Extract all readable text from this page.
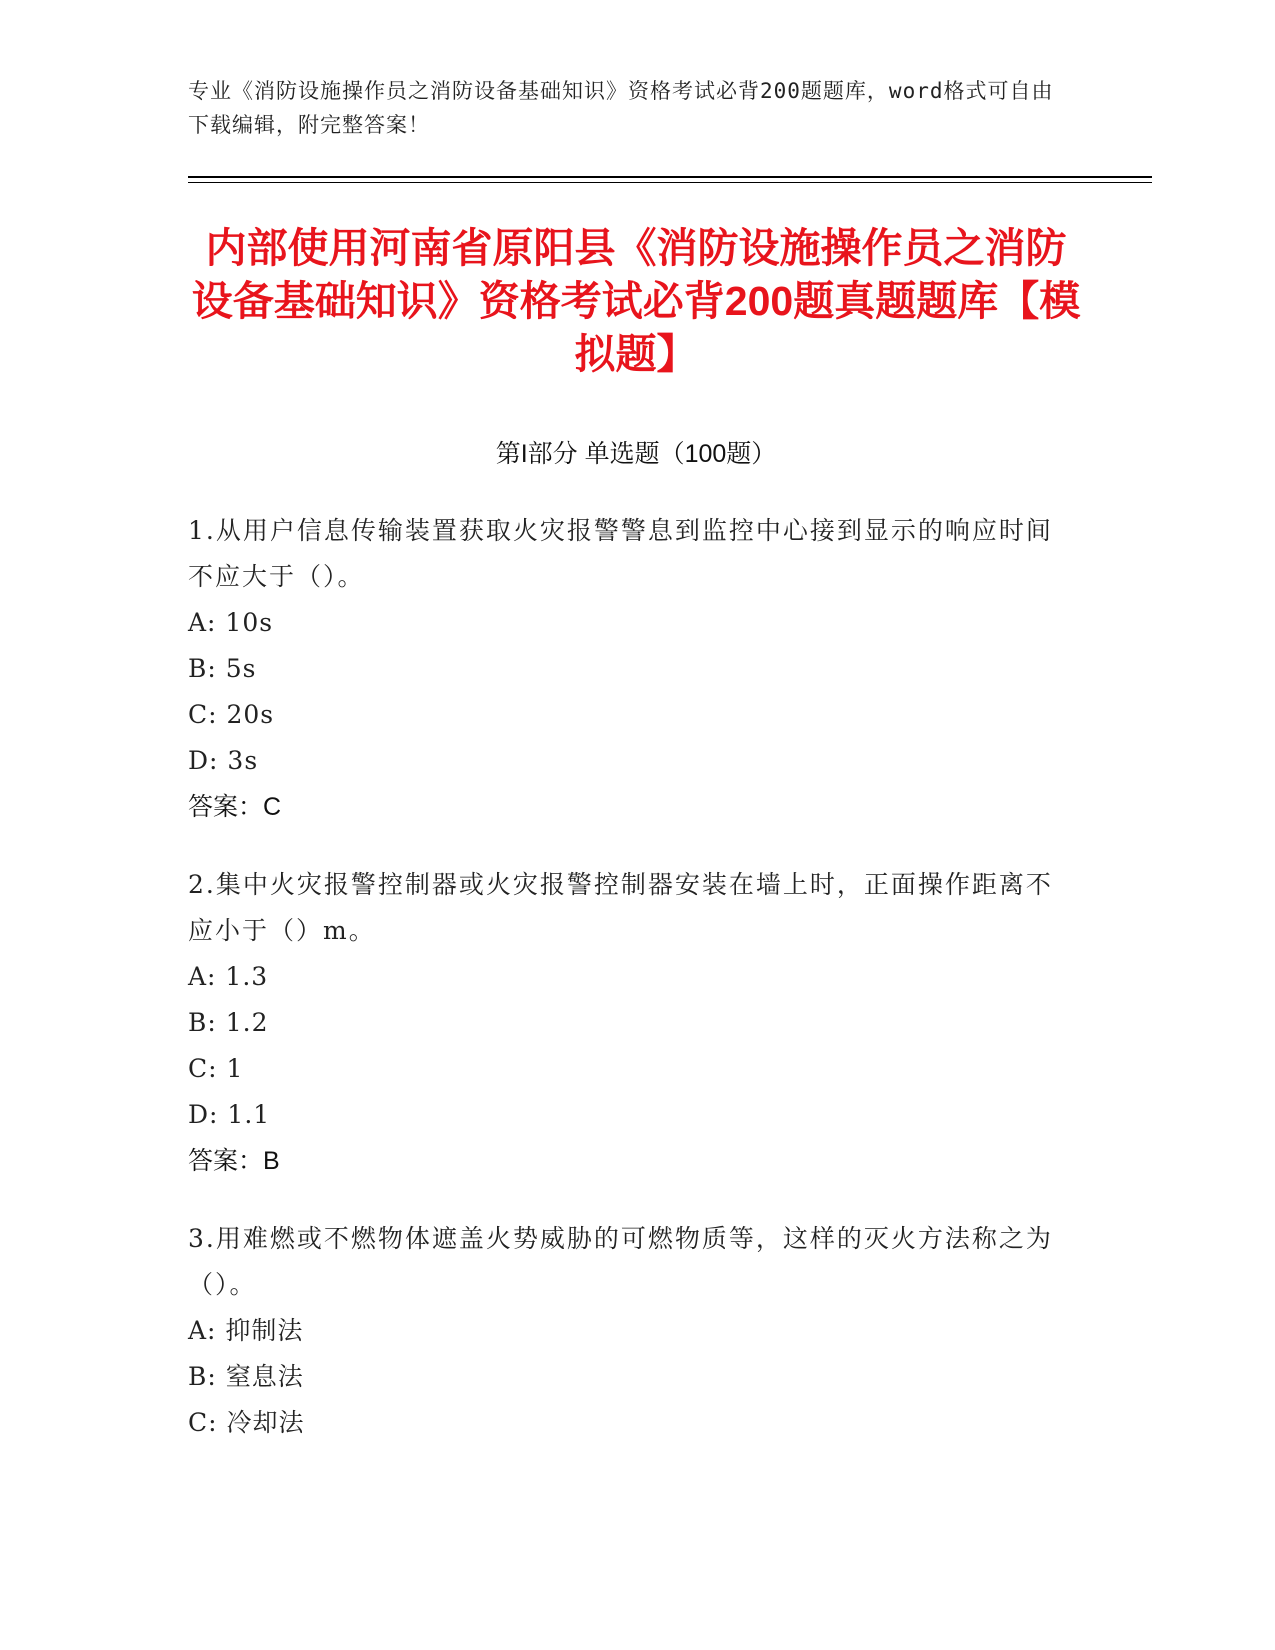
专业《消防设施操作员之消防设备基础知识》资格考试必背200题题库，word格式可自由下载编辑，附完整答案！
内部使用河南省原阳县《消防设施操作员之消防设备基础知识》资格考试必背200题真题题库【模拟题】
第I部分 单选题（100题）
1.从用户信息传输装置获取火灾报警警息到监控中心接到显示的响应时间不应大于（）。
A: 10s
B: 5s
C: 20s
D: 3s
答案：C
2.集中火灾报警控制器或火灾报警控制器安装在墙上时，正面操作距离不应小于（）m。
A: 1.3
B: 1.2
C: 1
D: 1.1
答案：B
3.用难燃或不燃物体遮盖火势威胁的可燃物质等，这样的灭火方法称之为（）。
A: 抑制法
B: 窒息法
C: 冷却法
